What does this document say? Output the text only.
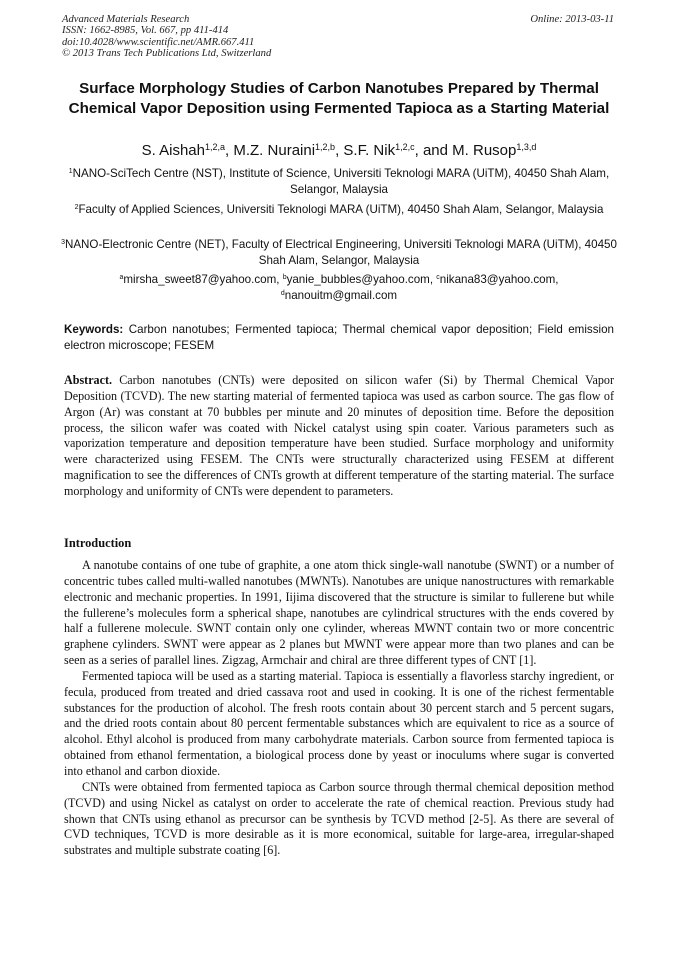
Advanced Materials Research
ISSN: 1662-8985, Vol. 667, pp 411-414
doi:10.4028/www.scientific.net/AMR.667.411
© 2013 Trans Tech Publications Ltd, Switzerland
Online: 2013-03-11
Surface Morphology Studies of Carbon Nanotubes Prepared by Thermal Chemical Vapor Deposition using Fermented Tapioca as a Starting Material
S. Aishah$^{1,2,a}$, M.Z. Nuraini$^{1,2,b}$, S.F. Nik$^{1,2,c}$, and M. Rusop$^{1,3,d}$
$^1$NANO-SciTech Centre (NST), Institute of Science, Universiti Teknologi MARA (UiTM), 40450 Shah Alam, Selangor, Malaysia
$^2$Faculty of Applied Sciences, Universiti Teknologi MARA (UiTM), 40450 Shah Alam, Selangor, Malaysia
$^3$NANO-Electronic Centre (NET), Faculty of Electrical Engineering, Universiti Teknologi MARA (UiTM), 40450 Shah Alam, Selangor, Malaysia
$^a$mirsha_sweet87@yahoo.com, $^b$yanie_bubbles@yahoo.com, $^c$nikana83@yahoo.com,
$^d$nanouitm@gmail.com
Keywords: Carbon nanotubes; Fermented tapioca; Thermal chemical vapor deposition; Field emission electron microscope; FESEM

Abstract. Carbon nanotubes (CNTs) were deposited on silicon wafer (Si) by Thermal Chemical Vapor Deposition (TCVD). The new starting material of fermented tapioca was used as carbon source. The gas flow of Argon (Ar) was constant at 70 bubbles per minute and 20 minutes of deposition time. Before the deposition process, the silicon wafer was coated with Nickel catalyst using spin coater. Various parameters such as vaporization temperature and deposition temperature have been studied. Surface morphology and uniformity were characterized using FESEM. The CNTs were structurally characterized using FESEM at different magnification to see the differences of CNTs growth at different temperature of the starting material. The surface morphology and uniformity of CNTs were dependent to parameters.

Introduction

A nanotube contains of one tube of graphite, a one atom thick single-wall nanotube (SWNT) or a number of concentric tubes called multi-walled nanotubes (MWNTs). Nanotubes are unique nanostructures with remarkable electronic and mechanic properties. In 1991, Iijima discovered that the structure is similar to fullerene but while the fullerene’s molecules form a spherical shape, nanotubes are cylindrical structures with the ends covered by half a fullerene molecule. SWNT contain only one cylinder, whereas MWNT contain two or more concentric graphene cylinders. SWNT were appear as 2 planes but MWNT were appear more than two planes and can be seen as a series of parallel lines. Zigzag, Armchair and chiral are three different types of CNT [1].

Fermented tapioca will be used as a starting material. Tapioca is essentially a flavorless starchy ingredient, or fecula, produced from treated and dried cassava root and used in cooking. It is one of the richest fermentable substances for the production of alcohol. The fresh roots contain about 30 percent starch and 5 percent sugars, and the dried roots contain about 80 percent fermentable substances which are equivalent to rice as a source of alcohol. Ethyl alcohol is produced from many carbohydrate materials. Carbon source from fermented tapioca is obtained from ethanol fermentation, a biological process done by yeast or inoculums where sugar is converted into ethanol and carbon dioxide.

CNTs were obtained from fermented tapioca as Carbon source through thermal chemical deposition method (TCVD) and using Nickel as catalyst on order to accelerate the rate of chemical reaction. Previous study had shown that CNTs using ethanol as precursor can be synthesis by TCVD method [2-5]. As there are several of CVD techniques, TCVD is more desirable as it is more economical, suitable for large-area, irregular-shaped substrates and multiple substrate coating [6].
